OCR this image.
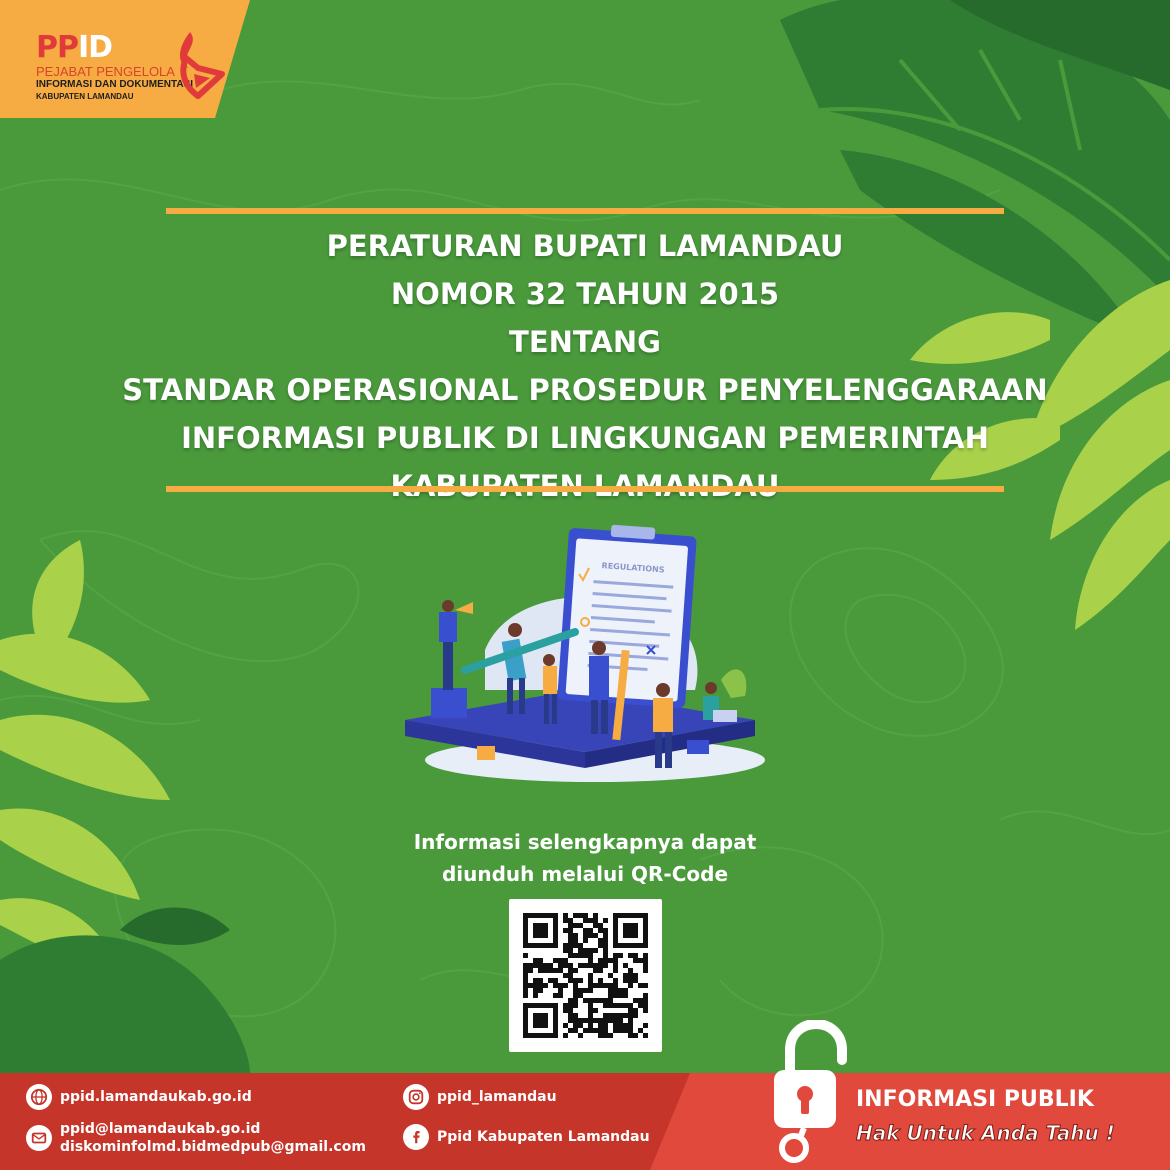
PPID
PEJABAT PENGELOLA
INFORMASI DAN DOKUMENTASI
KABUPATEN LAMANDAU
PERATURAN BUPATI LAMANDAU
NOMOR 32 TAHUN 2015
TENTANG
STANDAR OPERASIONAL PROSEDUR PENYELENGGARAAN
INFORMASI PUBLIK DI LINGKUNGAN PEMERINTAH
REGULATIONS
Informasi selengkapnya dapat
diunduh melalui QR-Code
ppid.lamandaukab.go.id
ppid@lamandaukab.go.id
diskominfolmd.bidmedpub@gmail.com
ppid_lamandau
Ppid Kabupaten Lamandau
INFORMASI PUBLIK
Hak Untuk Anda Tahu !
